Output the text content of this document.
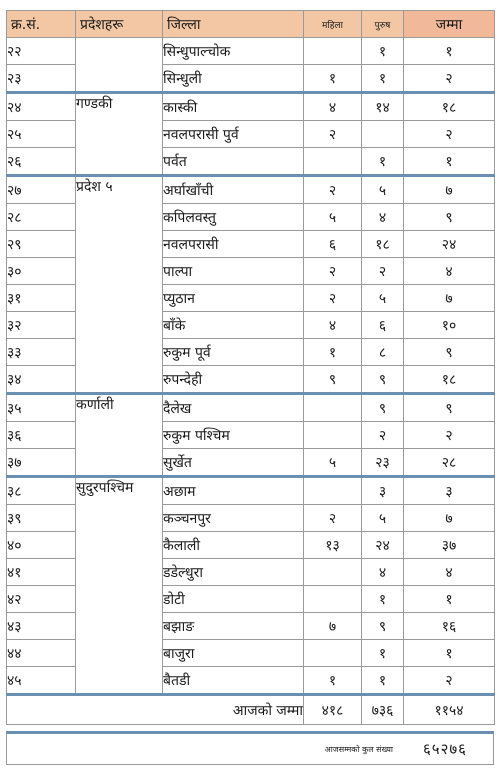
क्र.सं.	प्रदेशहरू	जिल्ला	महिला	पुरुष	जम्मा
२२		सिन्धुपाल्चोक		१	१
२३		सिन्धुली	१	१	२
२४	गण्डकी	कास्की	४	१४	१८
२५		नवलपरासी पुर्व	२		२
२६		पर्वत		१	१
२७	प्रदेश ५	अर्घाखाँची	२	५	७
२८		कपिलवस्तु	५	४	९
२९		नवलपरासी	६	१८	२४
३०		पाल्पा	२	२	४
३१		प्युठान	२	५	७
३२		बाँके	४	६	१०
३३		रुकुम पूर्व	१	८	९
३४		रुपन्देही	९	९	१८
३५	कर्णाली	दैलेख		९	९
३६		रुकुम पश्चिम		२	२
३७		सुर्खेत	५	२३	२८
३८	सुदुरपश्चिम	अछाम		३	३
३९		कञ्चनपुर	२	५	७
४०		कैलाली	१३	२४	३७
४१		डडेल्धुरा		४	४
४२		डोटी		१	१
४३		बझाङ	७	९	१६
४४		बाजुरा		१	१
४५		बैतडी	१	१	२
आजको जम्मा			४१८	७३६	११५४
आजसम्मको कुल संख्या ६५२७६
